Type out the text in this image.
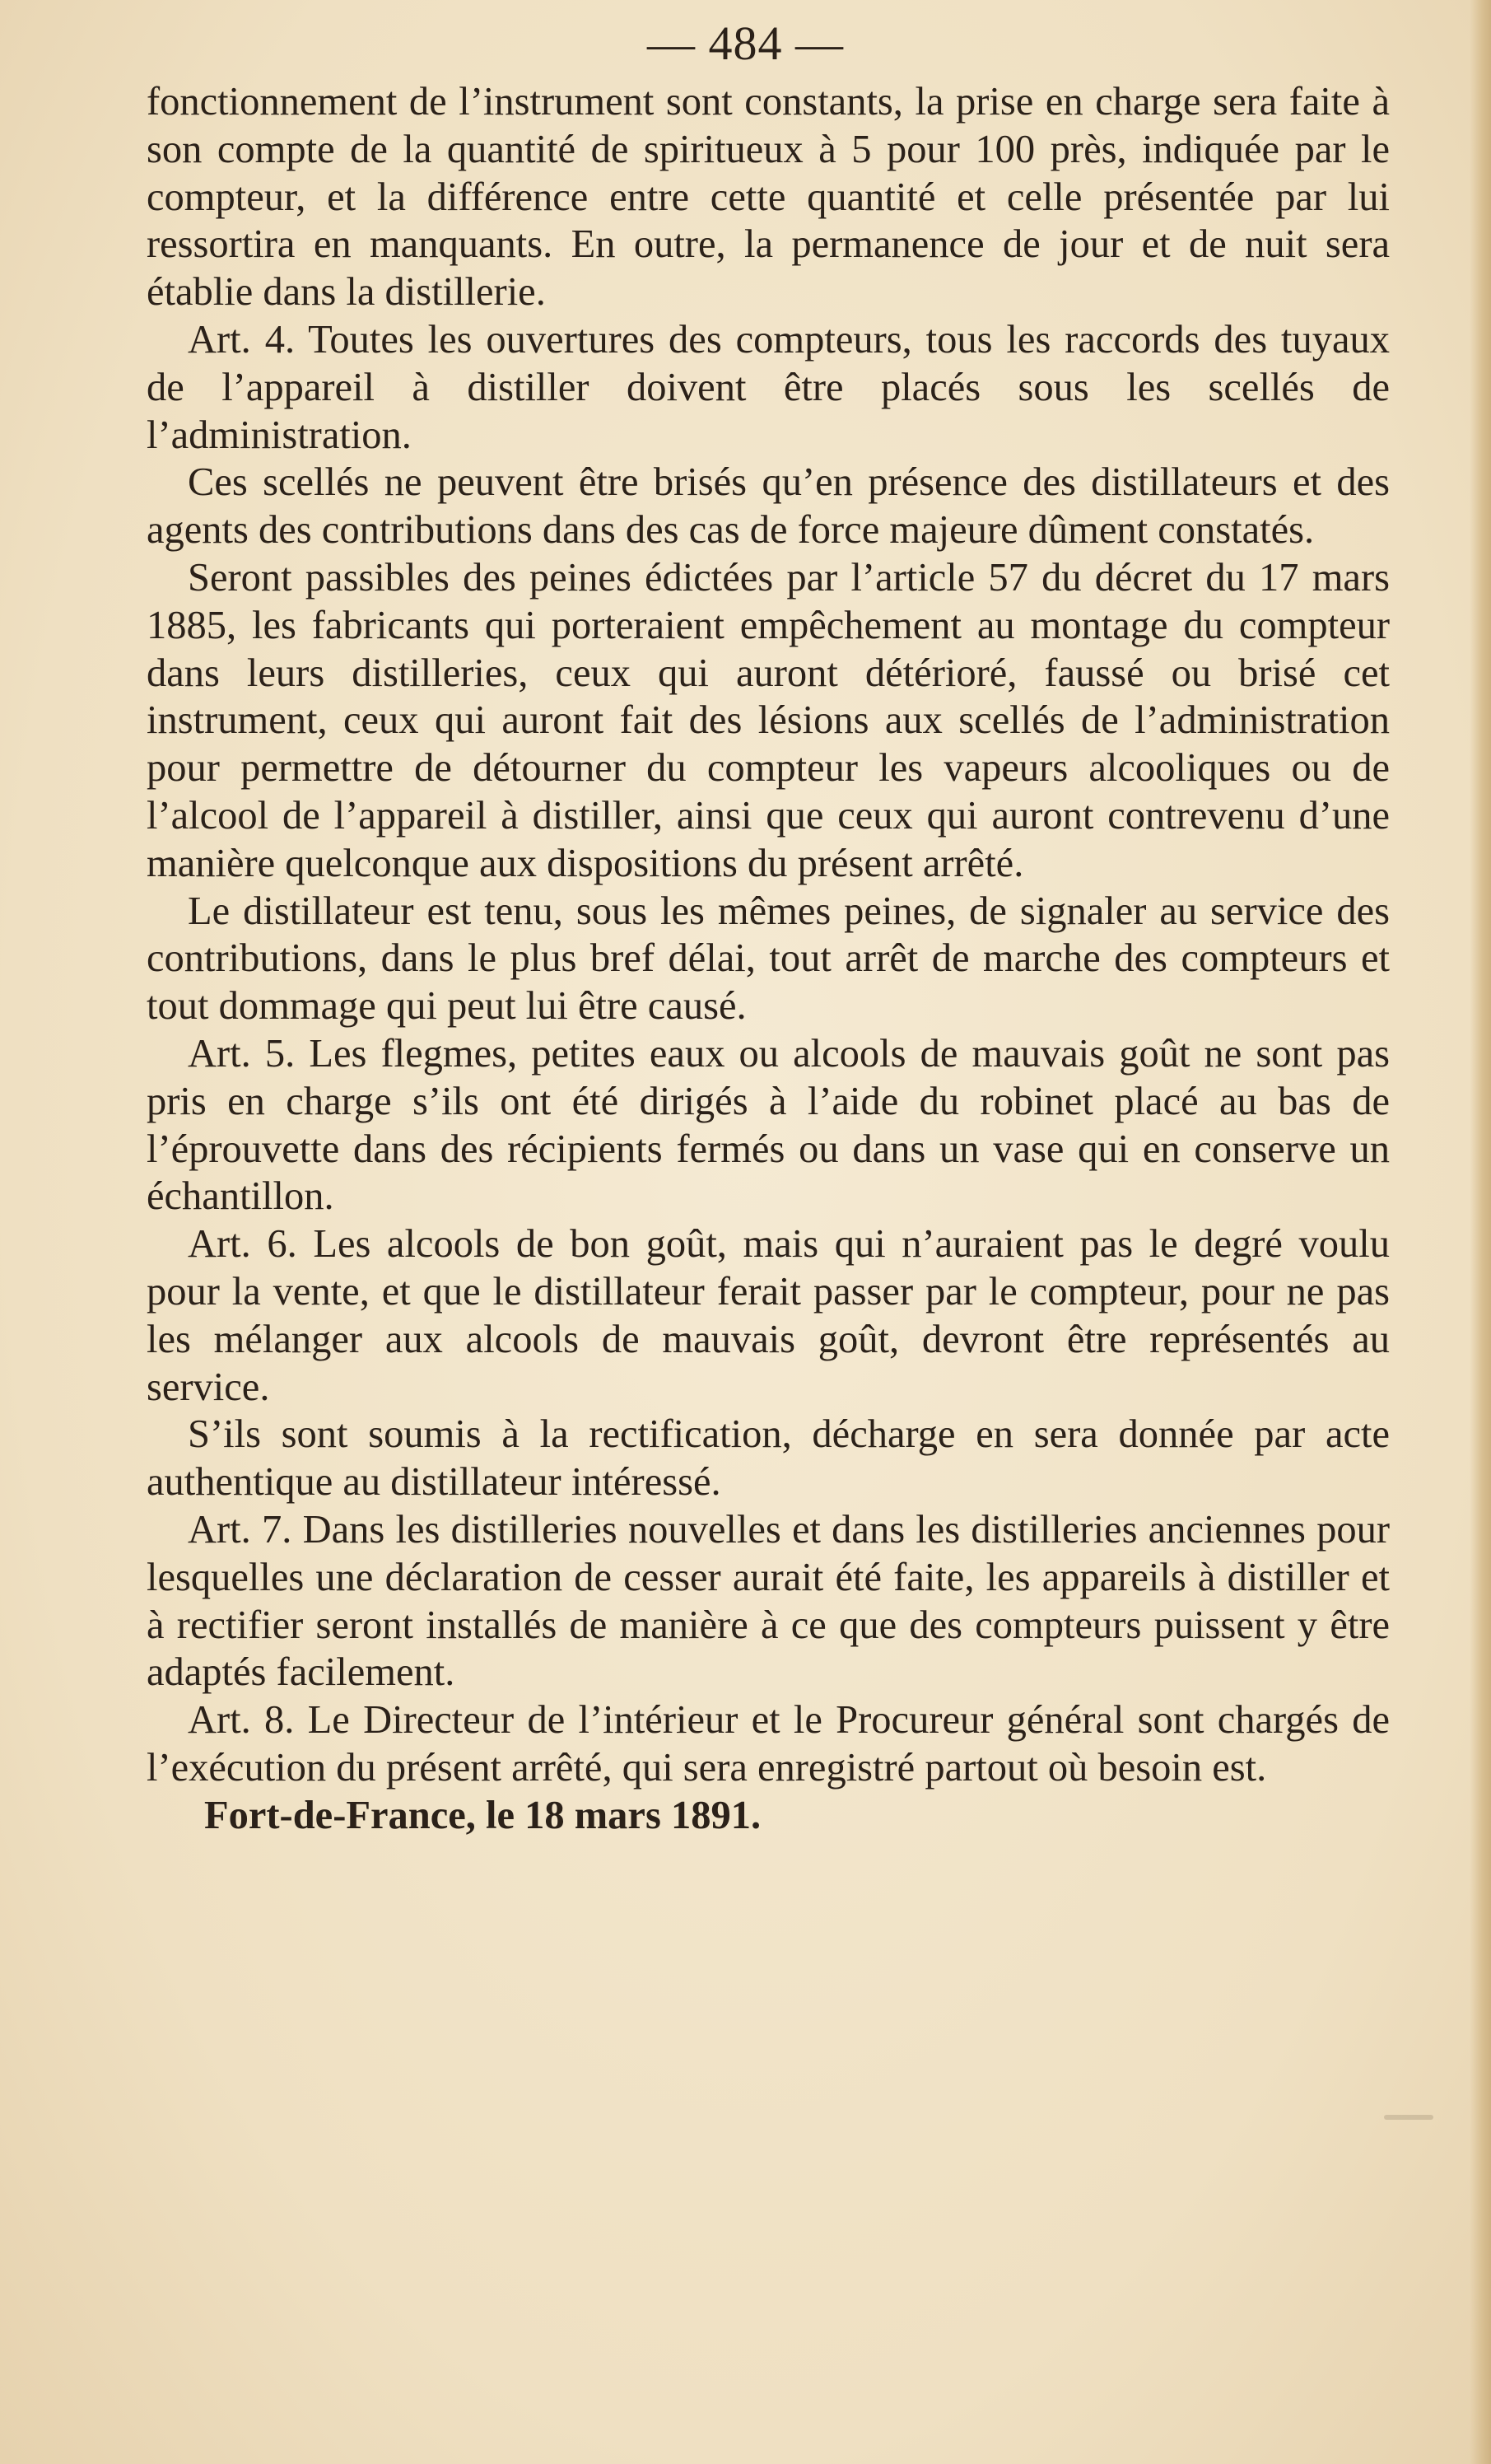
— 484 —

fonctionnement de l’instrument sont constants, la prise en charge sera faite à son compte de la quantité de spiritueux à 5 pour 100 près, indiquée par le compteur, et la différence entre cette quantité et celle présentée par lui ressortira en manquants. En outre, la permanence de jour et de nuit sera établie dans la distillerie.

Art. 4. Toutes les ouvertures des compteurs, tous les raccords des tuyaux de l’appareil à distiller doivent être placés sous les scellés de l’administration.

Ces scellés ne peuvent être brisés qu’en présence des distillateurs et des agents des contributions dans des cas de force majeure dûment constatés.

Seront passibles des peines édictées par l’article 57 du décret du 17 mars 1885, les fabricants qui porteraient empêchement au montage du compteur dans leurs distilleries, ceux qui auront détérioré, faussé ou brisé cet instrument, ceux qui auront fait des lésions aux scellés de l’administration pour permettre de détourner du compteur les vapeurs alcooliques ou de l’alcool de l’appareil à distiller, ainsi que ceux qui auront contrevenu d’une manière quelconque aux dispositions du présent arrêté.

Le distillateur est tenu, sous les mêmes peines, de signaler au service des contributions, dans le plus bref délai, tout arrêt de marche des compteurs et tout dommage qui peut lui être causé.

Art. 5. Les flegmes, petites eaux ou alcools de mauvais goût ne sont pas pris en charge s’ils ont été dirigés à l’aide du robinet placé au bas de l’éprouvette dans des récipients fermés ou dans un vase qui en conserve un échantillon.

Art. 6. Les alcools de bon goût, mais qui n’auraient pas le degré voulu pour la vente, et que le distillateur ferait passer par le compteur, pour ne pas les mélanger aux alcools de mauvais goût, devront être représentés au service.

S’ils sont soumis à la rectification, décharge en sera donnée par acte authentique au distillateur intéressé.

Art. 7. Dans les distilleries nouvelles et dans les distilleries anciennes pour lesquelles une déclaration de cesser aurait été faite, les appareils à distiller et à rectifier seront installés de manière à ce que des compteurs puissent y être adaptés facilement.

Art. 8. Le Directeur de l’intérieur et le Procureur général sont chargés de l’exécution du présent arrêté, qui sera enregistré partout où besoin est.

Fort-de-France, le 18 mars 1891.
